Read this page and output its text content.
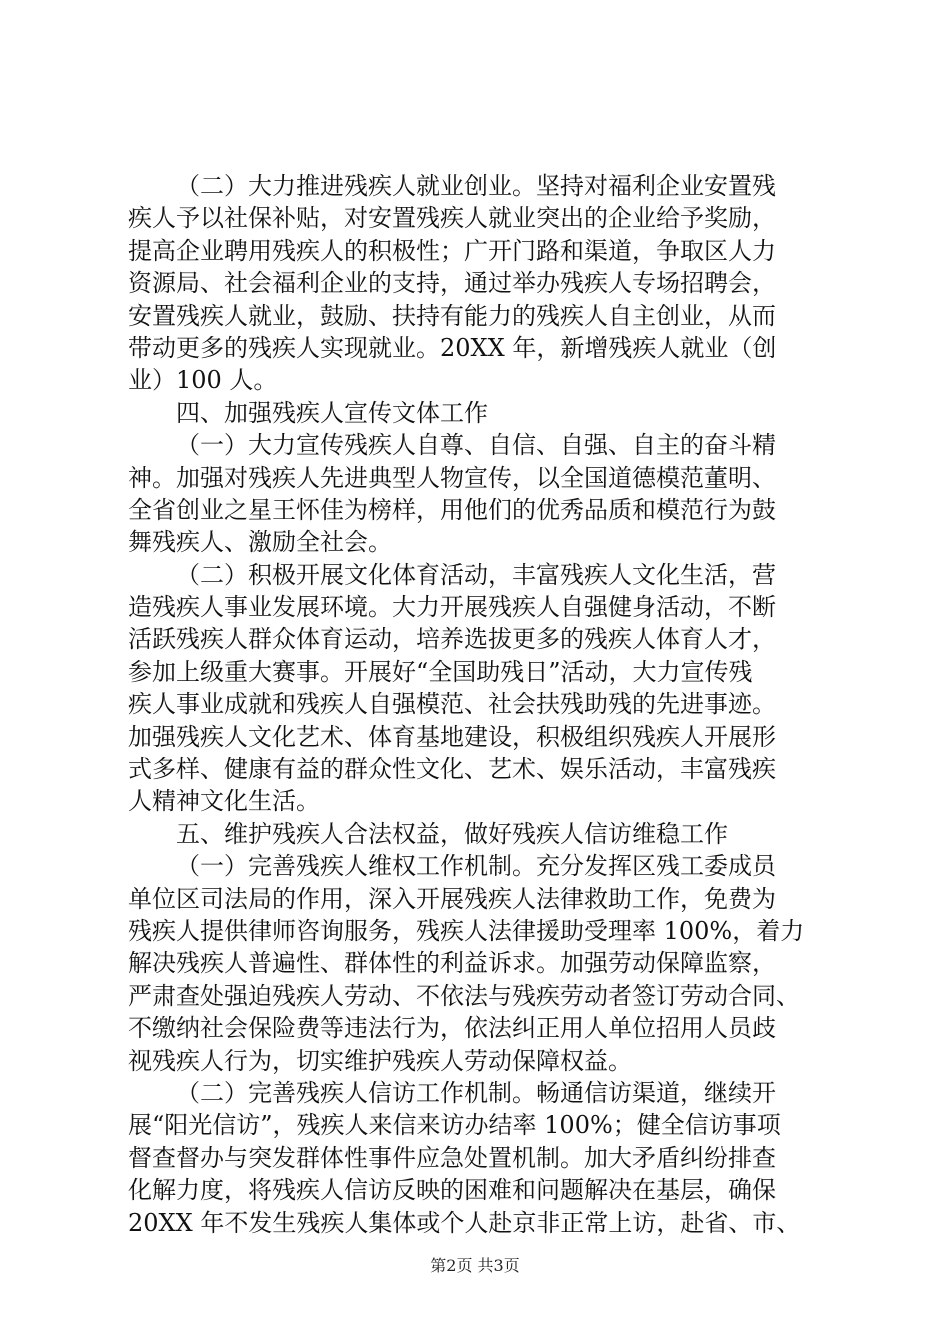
（二）大力推进残疾人就业创业。坚持对福利企业安置残
疾人予以社保补贴，对安置残疾人就业突出的企业给予奖励，
提高企业聘用残疾人的积极性；广开门路和渠道，争取区人力
资源局、社会福利企业的支持，通过举办残疾人专场招聘会，
安置残疾人就业，鼓励、扶持有能力的残疾人自主创业，从而
带动更多的残疾人实现就业。20XX 年，新增残疾人就业（创
业）100 人。
四、加强残疾人宣传文体工作
（一）大力宣传残疾人自尊、自信、自强、自主的奋斗精
神。加强对残疾人先进典型人物宣传，以全国道德模范董明、
全省创业之星王怀佳为榜样，用他们的优秀品质和模范行为鼓
舞残疾人、激励全社会。
（二）积极开展文化体育活动，丰富残疾人文化生活，营
造残疾人事业发展环境。大力开展残疾人自强健身活动，不断
活跃残疾人群众体育运动，培养选拔更多的残疾人体育人才，
参加上级重大赛事。开展好“全国助残日”活动，大力宣传残
疾人事业成就和残疾人自强模范、社会扶残助残的先进事迹。
加强残疾人文化艺术、体育基地建设，积极组织残疾人开展形
式多样、健康有益的群众性文化、艺术、娱乐活动，丰富残疾
人精神文化生活。
五、维护残疾人合法权益，做好残疾人信访维稳工作
（一）完善残疾人维权工作机制。充分发挥区残工委成员
单位区司法局的作用，深入开展残疾人法律救助工作，免费为
残疾人提供律师咨询服务，残疾人法律援助受理率 100%，着力
解决残疾人普遍性、群体性的利益诉求。加强劳动保障监察，
严肃查处强迫残疾人劳动、不依法与残疾劳动者签订劳动合同、
不缴纳社会保险费等违法行为，依法纠正用人单位招用人员歧
视残疾人行为，切实维护残疾人劳动保障权益。
（二）完善残疾人信访工作机制。畅通信访渠道，继续开
展“阳光信访”，残疾人来信来访办结率 100%；健全信访事项
督查督办与突发群体性事件应急处置机制。加大矛盾纠纷排查
化解力度，将残疾人信访反映的困难和问题解决在基层，确保
20XX 年不发生残疾人集体或个人赴京非正常上访，赴省、市、
第2页 共3页
